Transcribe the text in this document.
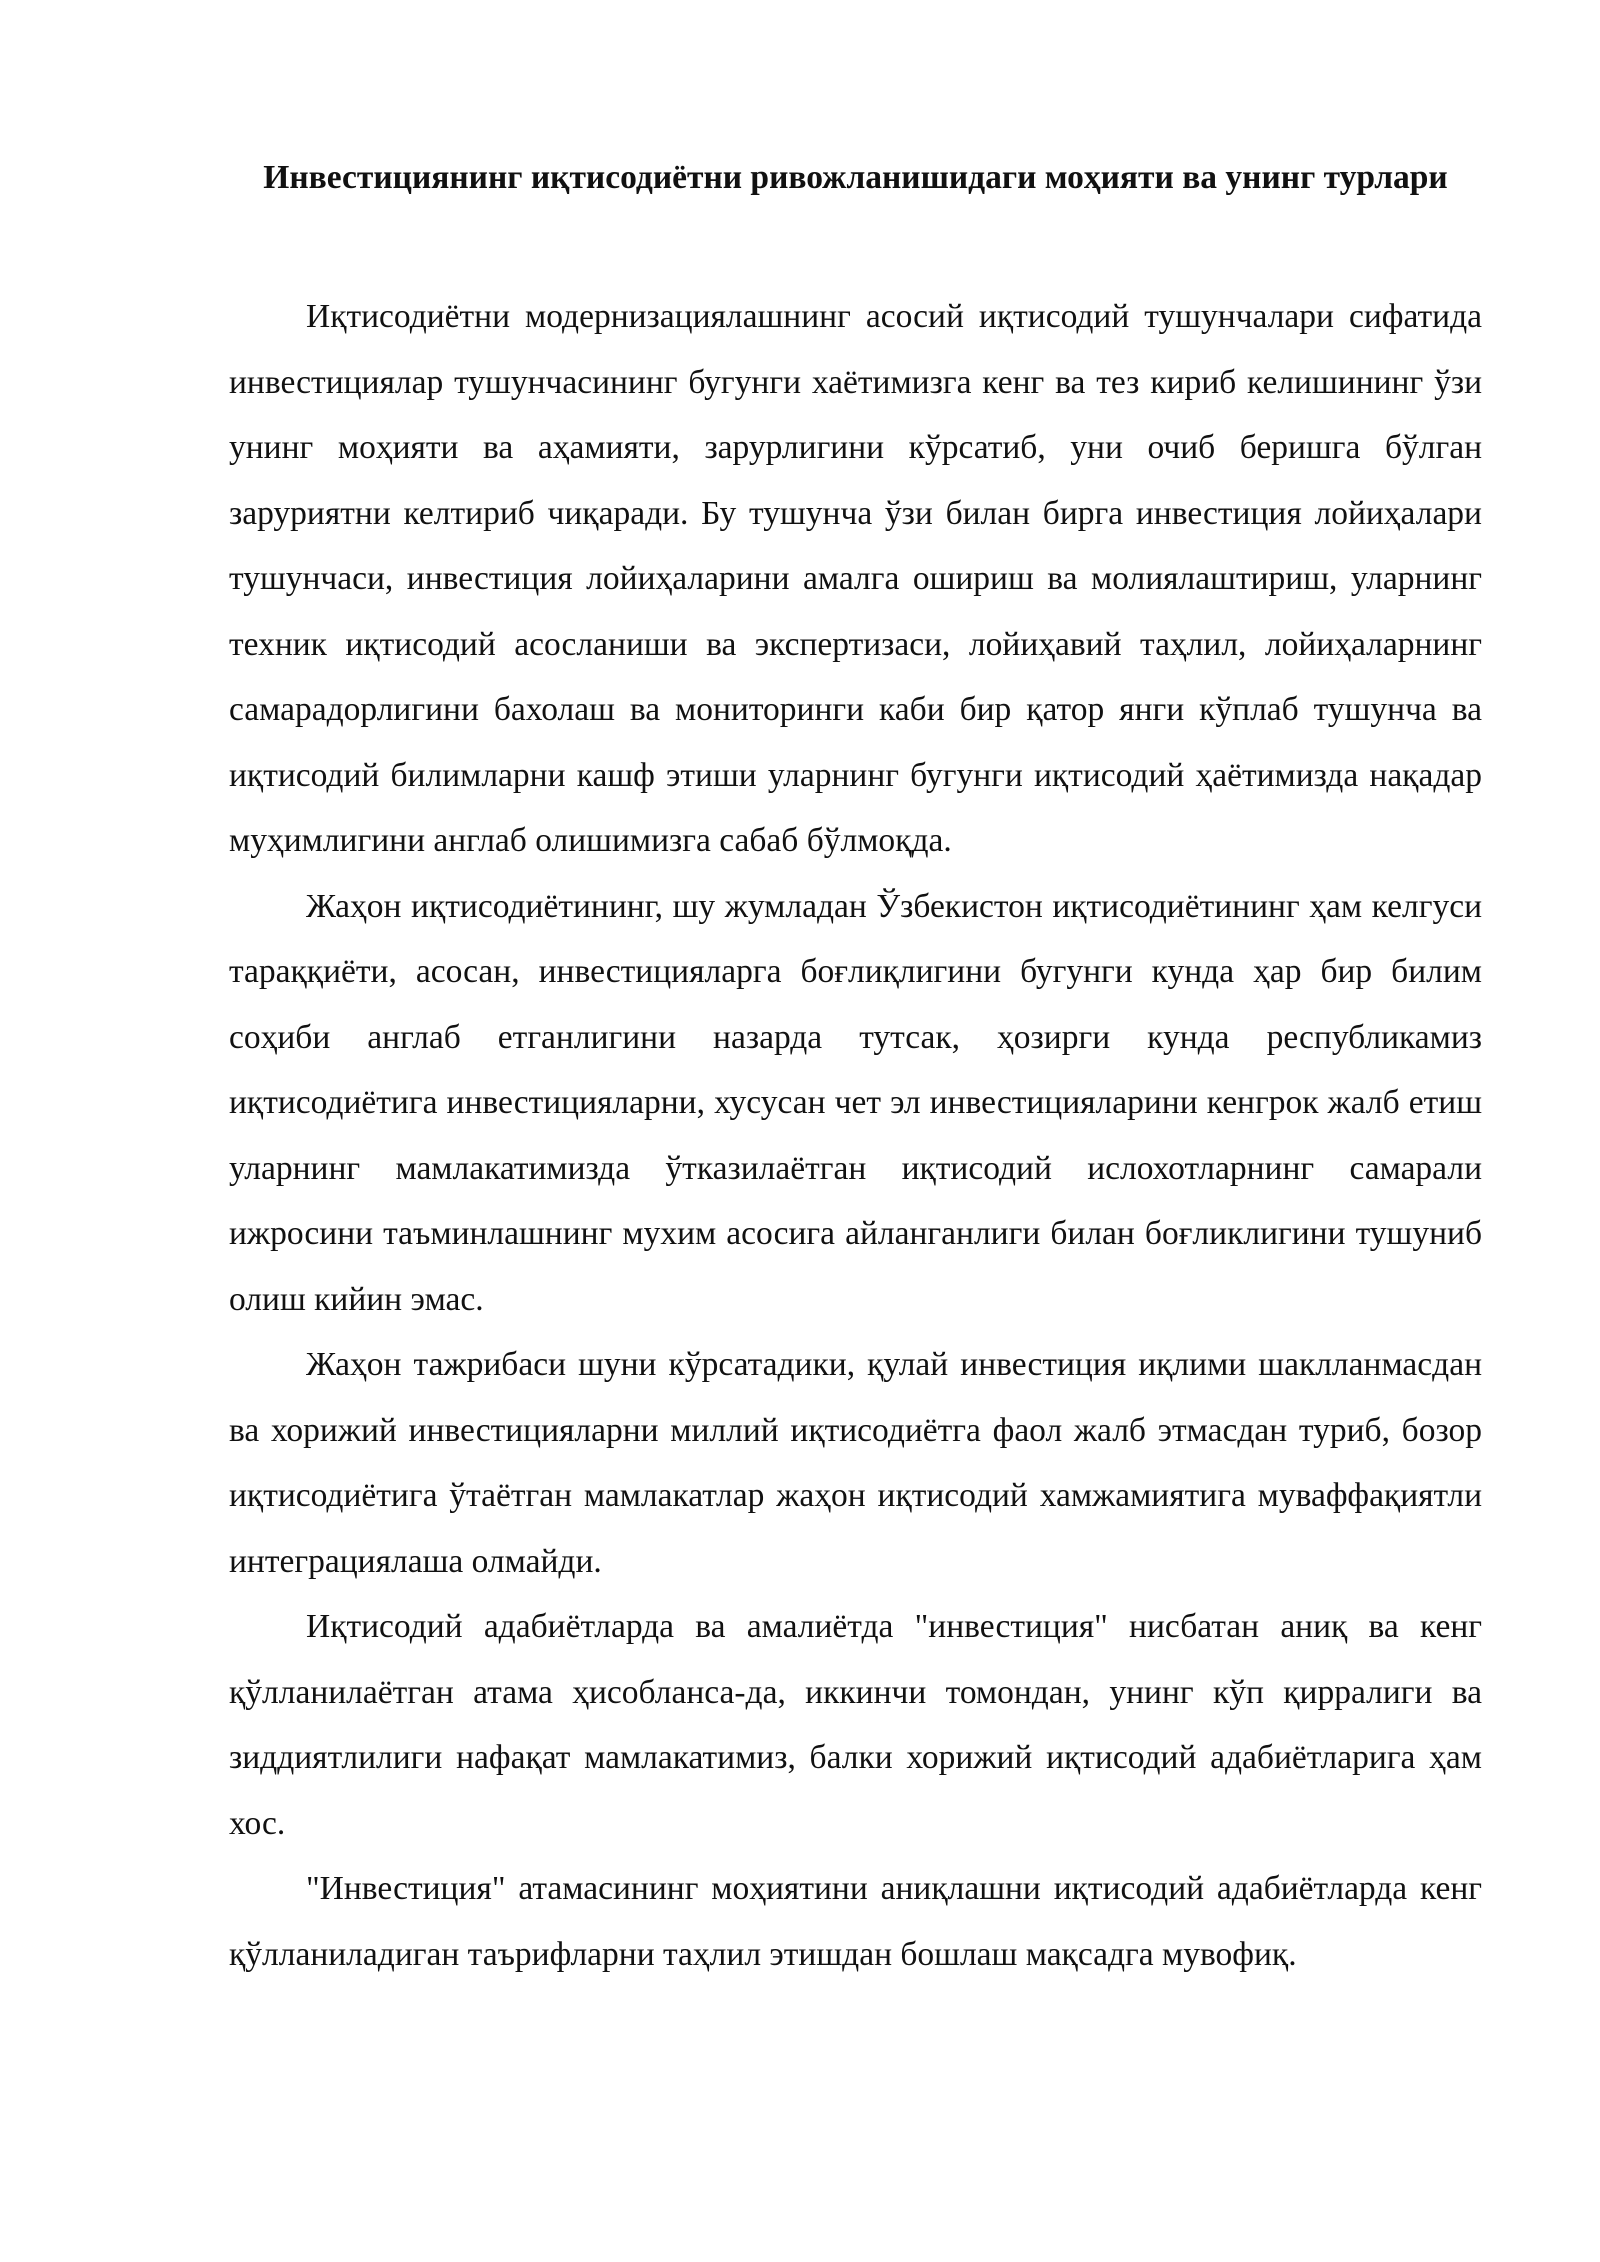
Инвестициянинг иқтисодиётни ривожланишидаги моҳияти ва унинг турлари

Иқтисодиётни модернизациялашнинг асосий иқтисодий тушунчалари сифатида инвестициялар тушунчасининг бугунги хаётимизга кенг ва тез кириб келишининг ўзи унинг моҳияти ва аҳамияти, зарурлигини кўрсатиб, уни очиб беришга бўлган заруриятни келтириб чиқаради. Бу тушунча ўзи билан бирга инвестиция лойиҳалари тушунчаси, инвестиция лойиҳаларини амалга ошириш ва молиялаштириш, уларнинг техник иқтисодий асосланиши ва экспертизаси, лойиҳавий таҳлил, лойиҳаларнинг самарадорлигини бахолаш ва мониторинги каби бир қатор янги кўплаб тушунча ва иқтисодий билимларни кашф этиши уларнинг бугунги иқтисодий ҳаётимизда нақадар муҳимлигини англаб олишимизга сабаб бўлмоқда.

Жаҳон иқтисодиётининг, шу жумладан Ўзбекистон иқтисодиётининг ҳам келгуси тараққиёти, асосан, инвестицияларга боғлиқлигини бугунги кунда ҳар бир билим соҳиби англаб етганлигини назарда тутсак, ҳозирги кунда республикамиз иқтисодиётига инвестицияларни, хусусан чет эл инвестицияларини кенгрок жалб етиш уларнинг мамлакатимизда ўтказилаётган иқтисодий ислохотларнинг самарали ижросини таъминлашнинг мухим асосига айланганлиги билан боғликлигини тушуниб олиш кийин эмас.

Жаҳон тажрибаси шуни кўрсатадики, қулай инвестиция иқлими шаклланмасдан ва хорижий инвестицияларни миллий иқтисодиётга фаол жалб этмасдан туриб, бозор иқтисодиётига ўтаётган мамлакатлар жаҳон иқтисодий хамжамиятига муваффақиятли интеграциялаша олмайди.

Иқтисодий адабиётларда ва амалиётда "инвестиция" нисбатан аниқ ва кенг қўлланилаётган атама ҳисобланса-да, иккинчи томондан, унинг кўп қирралиги ва зиддиятлилиги нафақат мамлакатимиз, балки хорижий иқтисодий адабиётларига ҳам хос.

"Инвестиция" атамасининг моҳиятини аниқлашни иқтисодий адабиётларда кенг қўлланиладиган таърифларни таҳлил этишдан бошлаш мақсадга мувофиқ.
